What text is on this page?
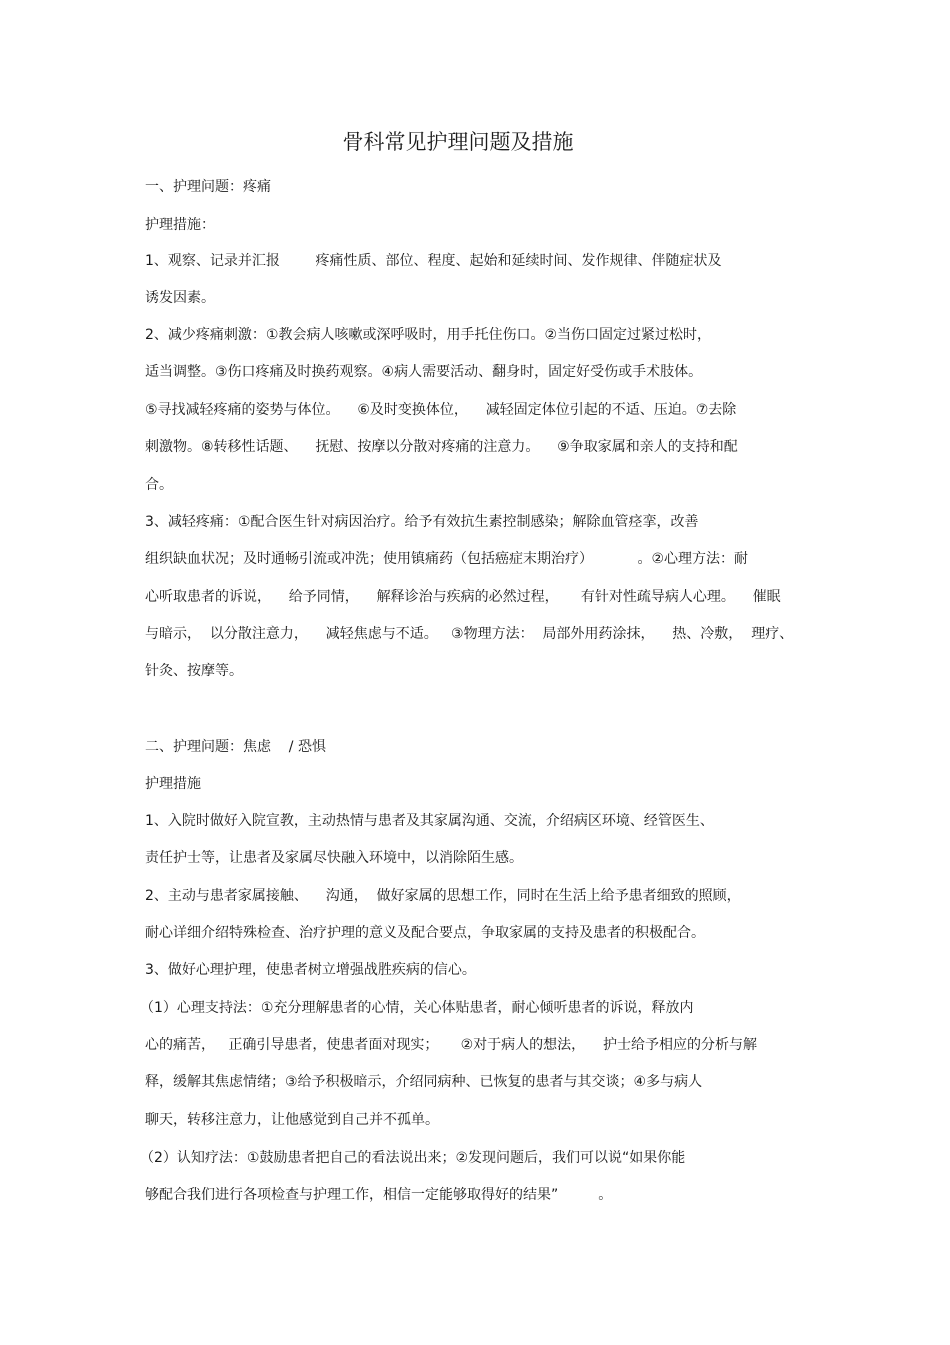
骨科常见护理问题及措施
一、护理问题：疼痛
护理措施：
1、观察、记录并汇报        疼痛性质、部位、程度、起始和延续时间、发作规律、伴随症状及
诱发因素。
2、减少疼痛刺激：①教会病人咳嗽或深呼吸时，用手托住伤口。②当伤口固定过紧过松时，
适当调整。③伤口疼痛及时换药观察。④病人需要活动、翻身时，固定好受伤或手术肢体。
⑤寻找减轻疼痛的姿势与体位。    ⑥及时变换体位，    减轻固定体位引起的不适、压迫。⑦去除
刺激物。⑧转移性话题、    抚慰、按摩以分散对疼痛的注意力。    ⑨争取家属和亲人的支持和配
合。
3、减轻疼痛：①配合医生针对病因治疗。给予有效抗生素控制感染；解除血管痉挛，改善
组织缺血状况；及时通畅引流或冲洗；使用镇痛药（包括癌症末期治疗）          。②心理方法：耐
心听取患者的诉说，    给予同情，    解释诊治与疾病的必然过程，     有针对性疏导病人心理。    催眠
与暗示，  以分散注意力，    减轻焦虑与不适。   ③物理方法：  局部外用药涂抹，    热、冷敷，  理疗、
针灸、按摩等。
二、护理问题：焦虑    / 恐惧
护理措施
1、入院时做好入院宣教，主动热情与患者及其家属沟通、交流，介绍病区环境、经管医生、
责任护士等，让患者及家属尽快融入环境中，以消除陌生感。
2、主动与患者家属接触、    沟通，  做好家属的思想工作，同时在生活上给予患者细致的照顾，
耐心详细介绍特殊检查、治疗护理的意义及配合要点，争取家属的支持及患者的积极配合。
3、做好心理护理，使患者树立增强战胜疾病的信心。
（1）心理支持法：①充分理解患者的心情，关心体贴患者，耐心倾听患者的诉说，释放内
心的痛苦，   正确引导患者，使患者面对现实；     ②对于病人的想法，    护士给予相应的分析与解
释，缓解其焦虑情绪；③给予积极暗示，介绍同病种、已恢复的患者与其交谈；④多与病人
聊天，转移注意力，让他感觉到自己并不孤单。
（2）认知疗法：①鼓励患者把自己的看法说出来；②发现问题后，我们可以说“如果你能
够配合我们进行各项检查与护理工作，相信一定能够取得好的结果”         。
